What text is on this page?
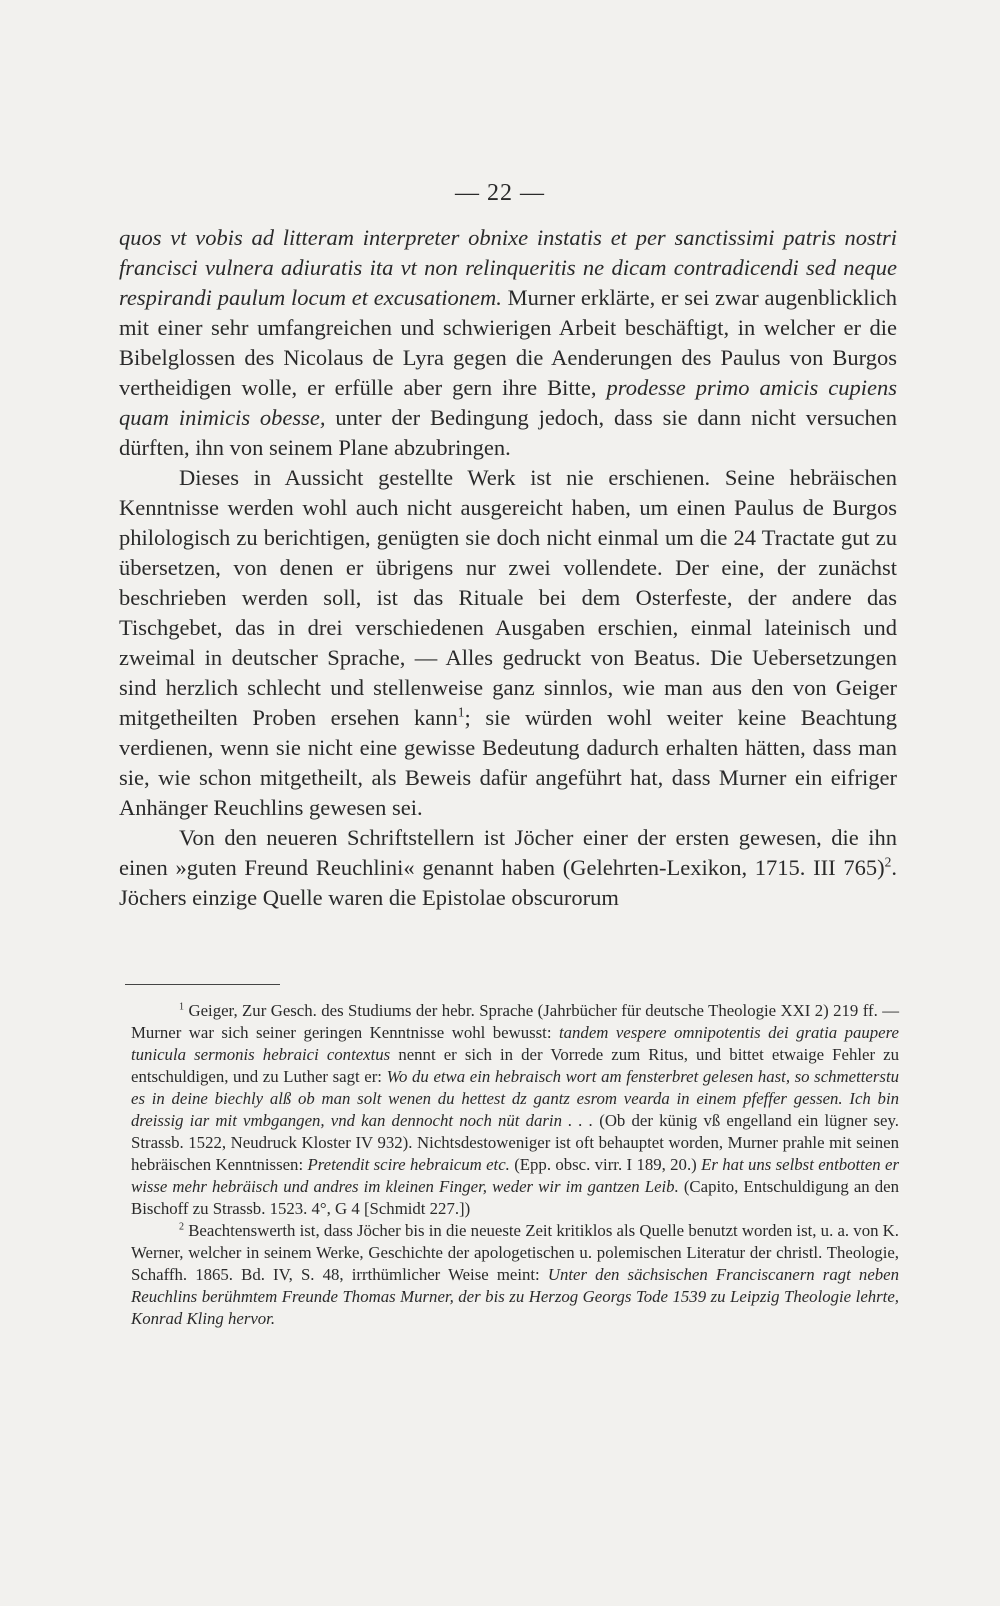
— 22 —

quos vt vobis ad litteram interpreter obnixe instatis et per sanctissimi patris nostri francisci vulnera adiuratis ita vt non relinqueritis ne dicam contradicendi sed neque respirandi paulum locum et excusationem. Murner erklärte, er sei zwar augenblicklich mit einer sehr umfangreichen und schwierigen Arbeit beschäftigt, in welcher er die Bibelglossen des Nicolaus de Lyra gegen die Aenderungen des Paulus von Burgos vertheidigen wolle, er erfülle aber gern ihre Bitte, prodesse primo amicis cupiens quam inimicis obesse, unter der Bedingung jedoch, dass sie dann nicht versuchen dürften, ihn von seinem Plane abzubringen.

Dieses in Aussicht gestellte Werk ist nie erschienen. Seine hebräischen Kenntnisse werden wohl auch nicht ausgereicht haben, um einen Paulus de Burgos philologisch zu berichtigen, genügten sie doch nicht einmal um die 24 Tractate gut zu übersetzen, von denen er übrigens nur zwei vollendete. Der eine, der zunächst beschrieben werden soll, ist das Rituale bei dem Osterfeste, der andere das Tischgebet, das in drei verschiedenen Ausgaben erschien, einmal lateinisch und zweimal in deutscher Sprache, — Alles gedruckt von Beatus. Die Uebersetzungen sind herzlich schlecht und stellenweise ganz sinnlos, wie man aus den von Geiger mitgetheilten Proben ersehen kann$^1$; sie würden wohl weiter keine Beachtung verdienen, wenn sie nicht eine gewisse Bedeutung dadurch erhalten hätten, dass man sie, wie schon mitgetheilt, als Beweis dafür angeführt hat, dass Murner ein eifriger Anhänger Reuchlins gewesen sei.

Von den neueren Schriftstellern ist Jöcher einer der ersten gewesen, die ihn einen »guten Freund Reuchlini« genannt haben (Gelehrten-Lexikon, 1715. III 765)$^2$. Jöchers einzige Quelle waren die Epistolae obscurorum

$^1$ Geiger, Zur Gesch. des Studiums der hebr. Sprache (Jahrbücher für deutsche Theologie XXI 2) 219 ff. — Murner war sich seiner geringen Kenntnisse wohl bewusst: tandem vespere omnipotentis dei gratia paupere tunicula sermonis hebraici contextus nennt er sich in der Vorrede zum Ritus, und bittet etwaige Fehler zu entschuldigen, und zu Luther sagt er: Wo du etwa ein hebraisch wort am fensterbret gelesen hast, so schmetterstu es in deine biechly alß ob man solt wenen du hettest dz gantz esrom vearda in einem pfeffer gessen. Ich bin dreissig iar mit vmbgangen, vnd kan dennocht noch nüt darin . . . (Ob der künig vß engelland ein lügner sey. Strassb. 1522, Neudruck Kloster IV 932). Nichtsdestoweniger ist oft behauptet worden, Murner prahle mit seinen hebräischen Kenntnissen: Pretendit scire hebraicum etc. (Epp. obsc. virr. I 189, 20.) Er hat uns selbst entbotten er wisse mehr hebräisch und andres im kleinen Finger, weder wir im gantzen Leib. (Capito, Entschuldigung an den Bischoff zu Strassb. 1523. 4°, G 4 [Schmidt 227.])

$^2$ Beachtenswerth ist, dass Jöcher bis in die neueste Zeit kritiklos als Quelle benutzt worden ist, u. a. von K. Werner, welcher in seinem Werke, Geschichte der apologetischen u. polemischen Literatur der christl. Theologie, Schaffh. 1865. Bd. IV, S. 48, irrthümlicher Weise meint: Unter den sächsischen Franciscanern ragt neben Reuchlins berühmtem Freunde Thomas Murner, der bis zu Herzog Georgs Tode 1539 zu Leipzig Theologie lehrte, Konrad Kling hervor.
